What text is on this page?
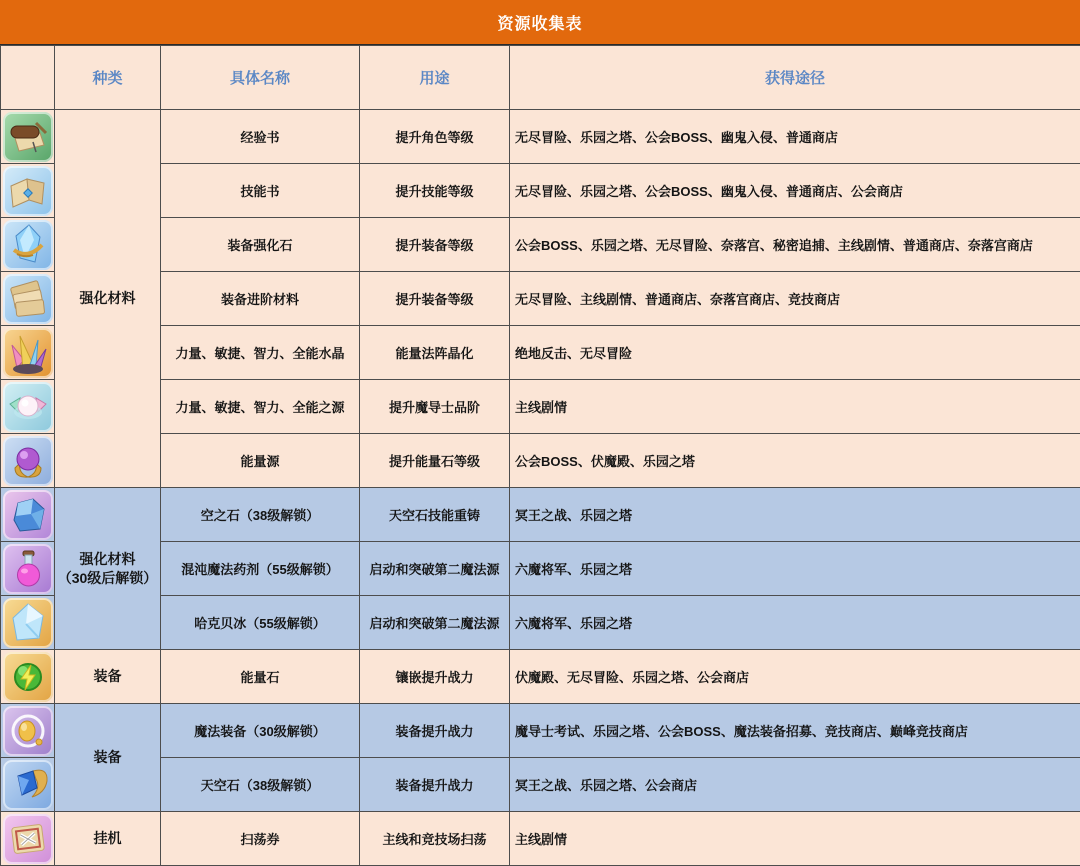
资源收集表
	种类	具体名称	用途	获得途径

强化材料	经验书	提升角色等级	无尽冒险、乐园之塔、公会BOSS、幽鬼入侵、普通商店

	技能书	提升技能等级	无尽冒险、乐园之塔、公会BOSS、幽鬼入侵、普通商店、公会商店

	装备强化石	提升装备等级	公会BOSS、乐园之塔、无尽冒险、奈落宫、秘密追捕、主线剧情、普通商店、奈落宫商店

	装备进阶材料	提升装备等级	无尽冒险、主线剧情、普通商店、奈落宫商店、竞技商店

	力量、敏捷、智力、全能水晶	能量法阵晶化	绝地反击、无尽冒险

	力量、敏捷、智力、全能之源	提升魔导士品阶	主线剧情

	能量源	提升能量石等级	公会BOSS、伏魔殿、乐园之塔

强化材料
（30级后解锁）	空之石（38级解锁）	天空石技能重铸	冥王之战、乐园之塔

	混沌魔法药剂（55级解锁）	启动和突破第二魔法源	六魔将军、乐园之塔

	哈克贝冰（55级解锁）	启动和突破第二魔法源	六魔将军、乐园之塔

装备	能量石	镶嵌提升战力	伏魔殿、无尽冒险、乐园之塔、公会商店

装备	魔法装备（30级解锁）	装备提升战力	魔导士考试、乐园之塔、公会BOSS、魔法装备招募、竞技商店、巅峰竞技商店

	天空石（38级解锁）	装备提升战力	冥王之战、乐园之塔、公会商店

挂机	扫荡券	主线和竞技场扫荡	主线剧情
